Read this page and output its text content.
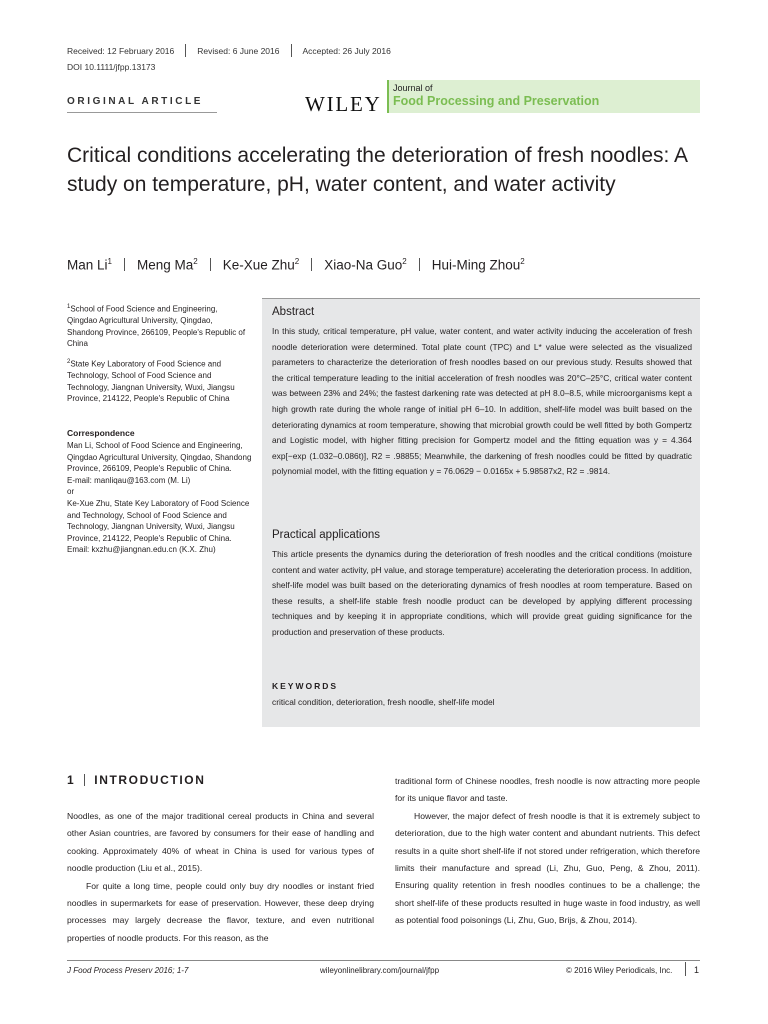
Received: 12 February 2016	Revised: 6 June 2016	Accepted: 26 July 2016
DOI 10.1111/jfpp.13173
ORIGINAL ARTICLE	WILEY
Journal of
Food Processing and Preservation
Critical conditions accelerating the deterioration of fresh noodles: A study on temperature, pH, water content, and water activity
Man Li$^1$ Meng Ma$^2$ Ke-Xue Zhu$^2$ Xiao-Na Guo$^2$ Hui-Ming Zhou$^2$
$^1$School of Food Science and Engineering, Qingdao Agricultural University, Qingdao, Shandong Province, 266109, People's Republic of China
$^2$State Key Laboratory of Food Science and Technology, School of Food Science and Technology, Jiangnan University, Wuxi, Jiangsu Province, 214122, People's Republic of China
Correspondence
Man Li, School of Food Science and Engineering, Qingdao Agricultural University, Qingdao, Shandong Province, 266109, People's Republic of China.
E-mail: manliqau@163.com (M. Li)
or
Ke-Xue Zhu, State Key Laboratory of Food Science and Technology, School of Food Science and Technology, Jiangnan University, Wuxi, Jiangsu Province, 214122, People's Republic of China.
Email: kxzhu@jiangnan.edu.cn (K.X. Zhu)
Abstract
In this study, critical temperature, pH value, water content, and water activity inducing the acceleration of fresh noodle deterioration were determined. Total plate count (TPC) and L* value were selected as the visualized parameters to characterize the deterioration of fresh noodles based on our previous study. Results showed that the critical temperature leading to the initial acceleration of fresh noodles was 20°C–25°C, critical water content was between 23% and 24%; the fastest darkening rate was detected at pH 8.0–8.5, while microorganisms kept a high growth rate during the whole range of initial pH 6–10. In addition, shelf-life model was built based on the deteriorating dynamics at room temperature, showing that microbial growth could be well fitted by both Gompertz and Logistic model, with higher fitting precision for Gompertz model and the fitting equation was y = 4.364 exp[−exp (1.032–0.086t)], R2 = .98855; Meanwhile, the darkening of fresh noodles could be fitted by quadratic polynomial model, with the fitting equation y = 76.0629 − 0.0165x + 5.98587x2, R2 = .9814.
Practical applications
This article presents the dynamics during the deterioration of fresh noodles and the critical conditions (moisture content and water activity, pH value, and storage temperature) accelerating the deterioration process. In addition, shelf-life model was built based on the deteriorating dynamics of fresh noodles at room temperature. Based on these results, a shelf-life stable fresh noodle product can be developed by applying different processing techniques and by keeping it in appropriate conditions, which will provide great guiding significance for the production and preservation of these products.
KEYWORDS
critical condition, deterioration, fresh noodle, shelf-life model
1 INTRODUCTION

Noodles, as one of the major traditional cereal products in China and several other Asian countries, are favored by consumers for their ease of handling and cooking. Approximately 40% of wheat in China is used for various types of noodle production (Liu et al., 2015).

For quite a long time, people could only buy dry noodles or instant fried noodles in supermarkets for ease of preservation. However, these deep drying processes may largely decrease the flavor, texture, and even nutritional properties of noodle products. For this reason, as the

traditional form of Chinese noodles, fresh noodle is now attracting more people for its unique flavor and taste.

However, the major defect of fresh noodle is that it is extremely subject to deterioration, due to the high water content and abundant nutrients. This defect results in a quite short shelf-life if not stored under refrigeration, which therefore limits their manufacture and spread (Li, Zhu, Guo, Peng, & Zhou, 2011). Ensuring quality retention in fresh noodles continues to be a challenge; the short shelf-life of these products resulted in huge waste in food industry, as well as potential food poisonings (Li, Zhu, Guo, Brijs, & Zhou, 2014).

J Food Process Preserv 2016; 1-7	wileyonlinelibrary.com/journal/jfpp	© 2016 Wiley Periodicals, Inc. 1
